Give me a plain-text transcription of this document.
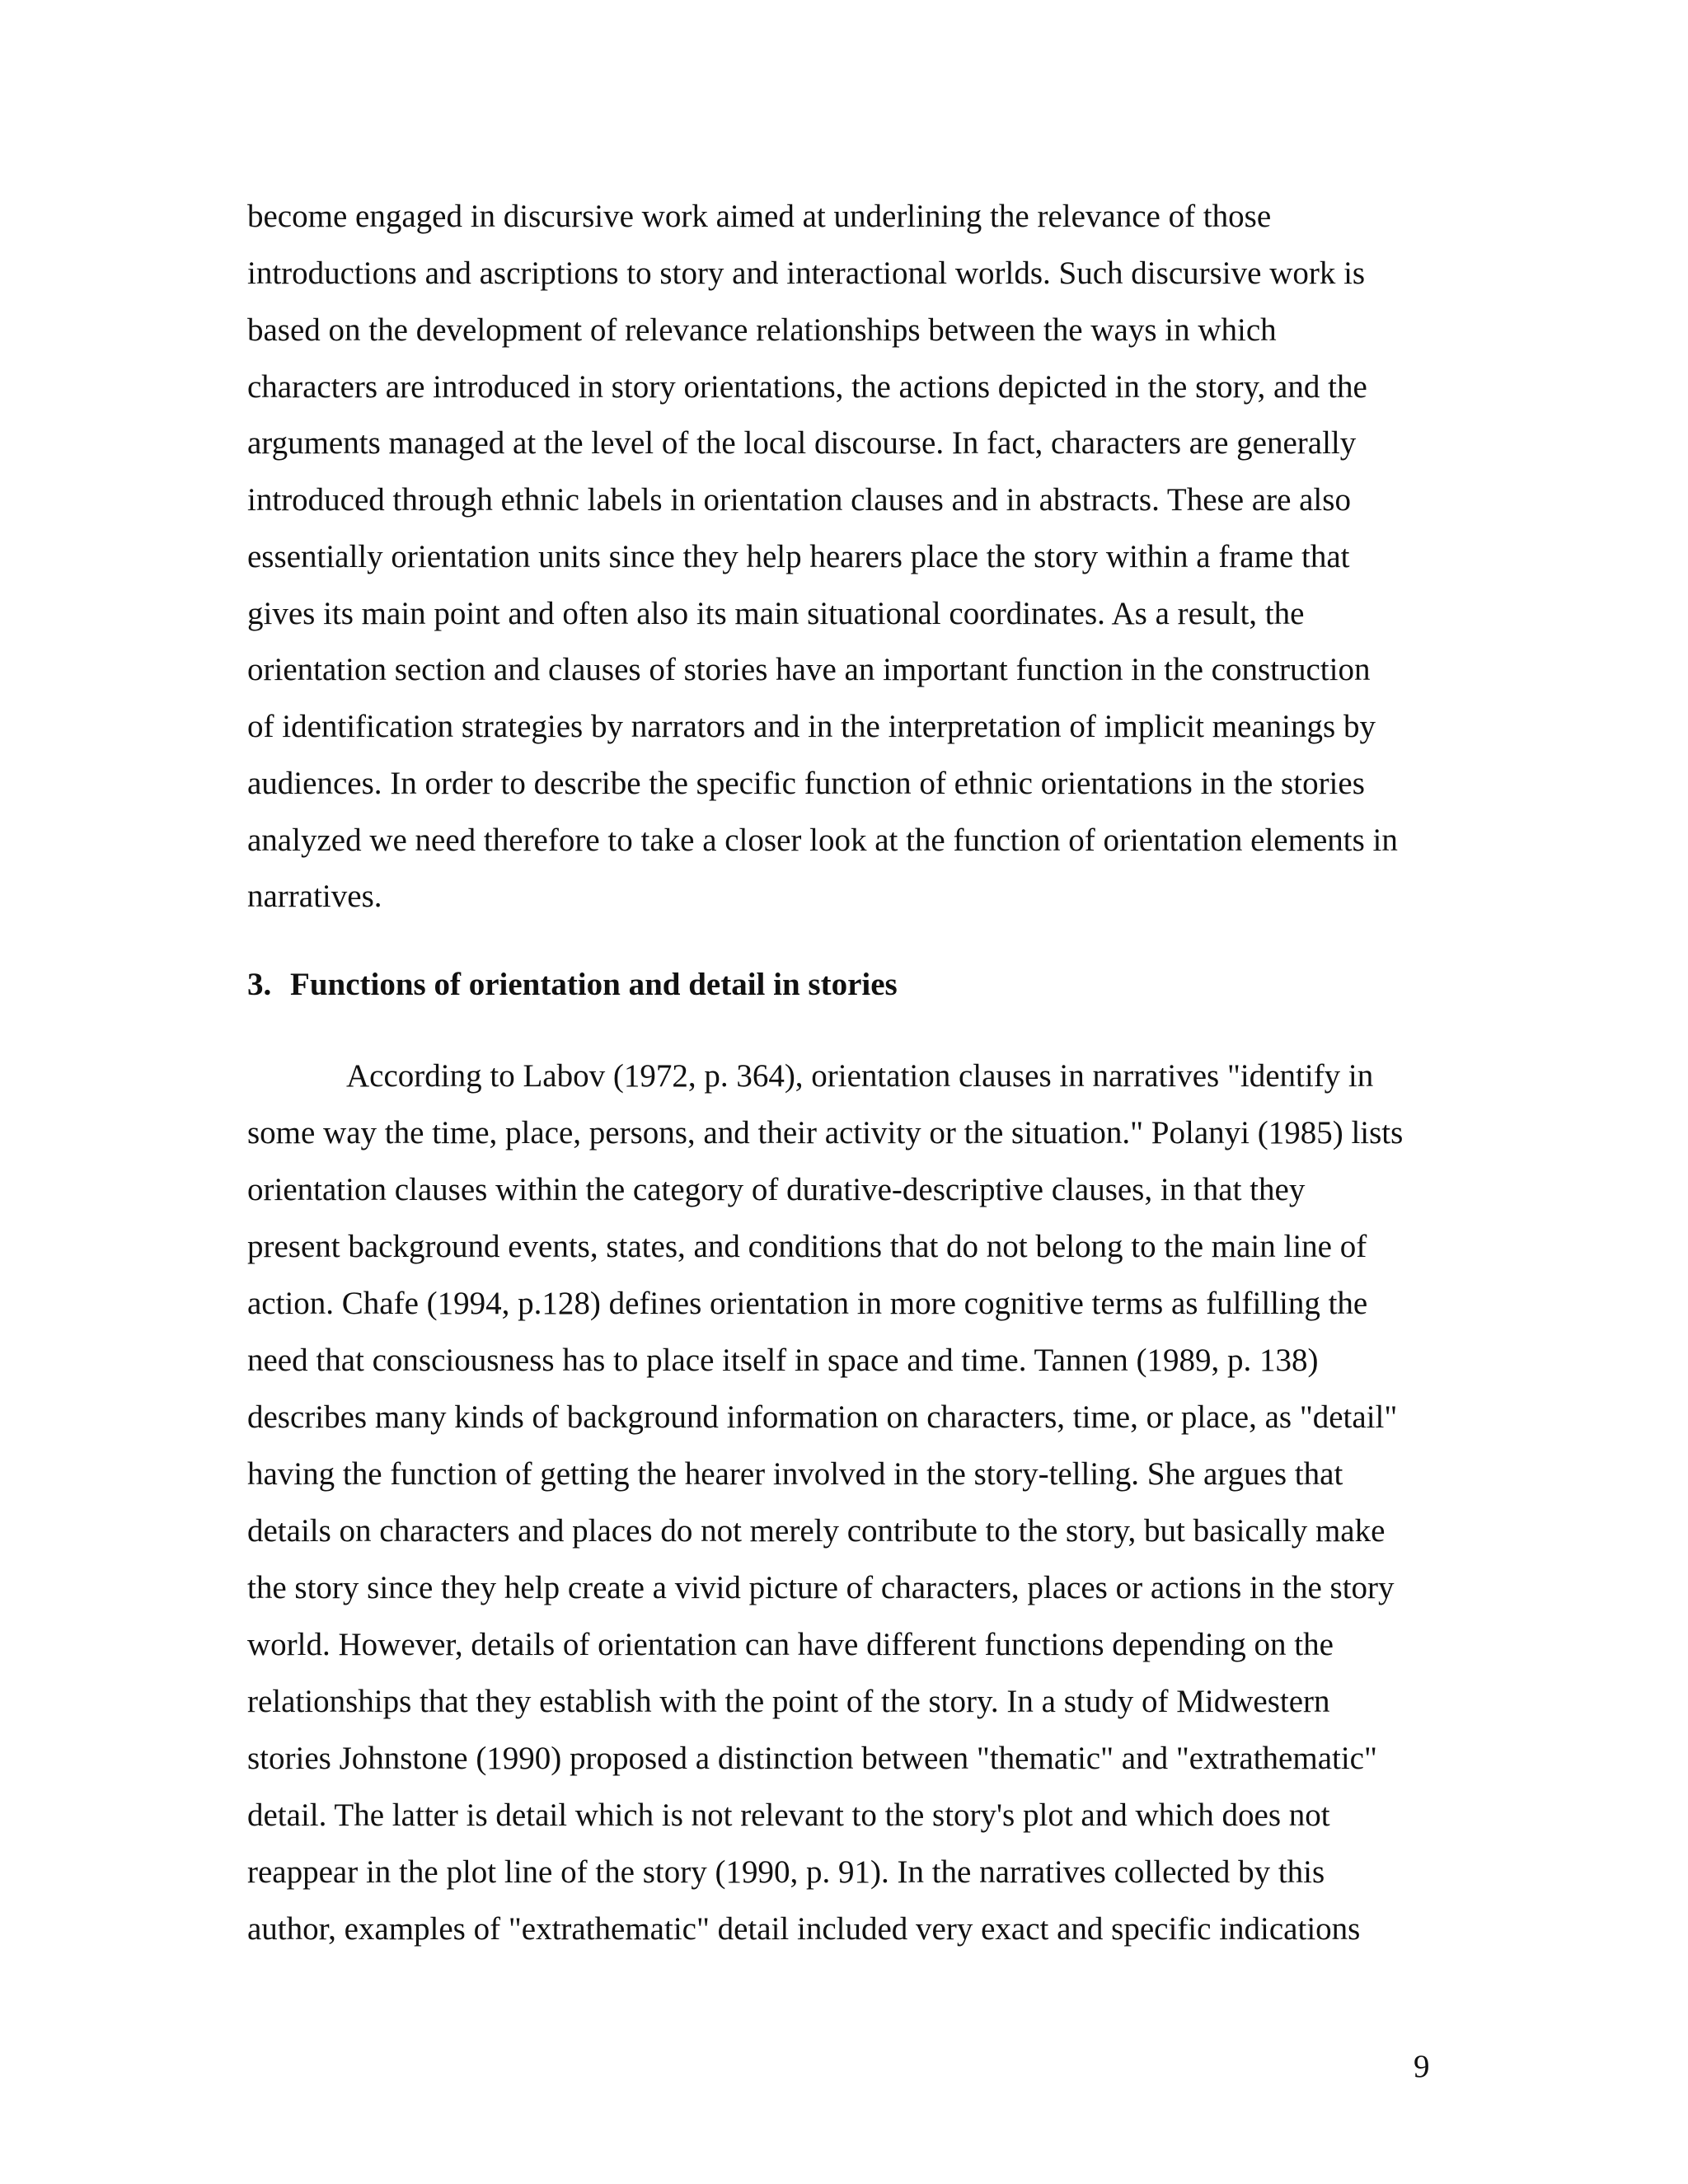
become engaged in discursive work aimed at underlining the relevance of those

introductions and ascriptions to story and interactional worlds. Such discursive work is

based on the development of relevance relationships between the ways in which

characters are introduced in story orientations, the actions depicted in the story, and the

arguments managed at the level of the local discourse. In fact, characters are generally

introduced through ethnic labels in orientation clauses and in abstracts. These are also

essentially orientation units since they help hearers place the story within a frame that

gives its main point and often also its main situational coordinates. As a result, the

orientation section and clauses of stories have an important function in the construction

of identification strategies by narrators and in the interpretation of implicit meanings by

audiences. In order to describe the specific function of ethnic orientations in the stories

analyzed we need therefore to take a closer look at the function of orientation elements in

narratives.

3. Functions of orientation and detail in stories

According to Labov (1972, p. 364), orientation clauses in narratives "identify in

some way the time, place, persons, and their activity or the situation." Polanyi (1985) lists

orientation clauses within the category of durative-descriptive clauses, in that they

present background events, states, and conditions that do not belong to the main line of

action. Chafe (1994, p.128) defines orientation in more cognitive terms as fulfilling the

need that consciousness has to place itself in space and time. Tannen (1989, p. 138)

describes many kinds of background information on characters, time, or place, as "detail"

having the function of getting the hearer involved in the story-telling. She argues that

details on characters and places do not merely contribute to the story, but basically make

the story since they help create a vivid picture of characters, places or actions in the story

world. However, details of orientation can have different functions depending on the

relationships that they establish with the point of the story. In a study of Midwestern

stories Johnstone (1990) proposed a distinction between "thematic" and "extrathematic"

detail. The latter is detail which is not relevant to the story's plot and which does not

reappear in the plot line of the story (1990, p. 91). In the narratives collected by this

author, examples of "extrathematic" detail included very exact and specific indications

9
